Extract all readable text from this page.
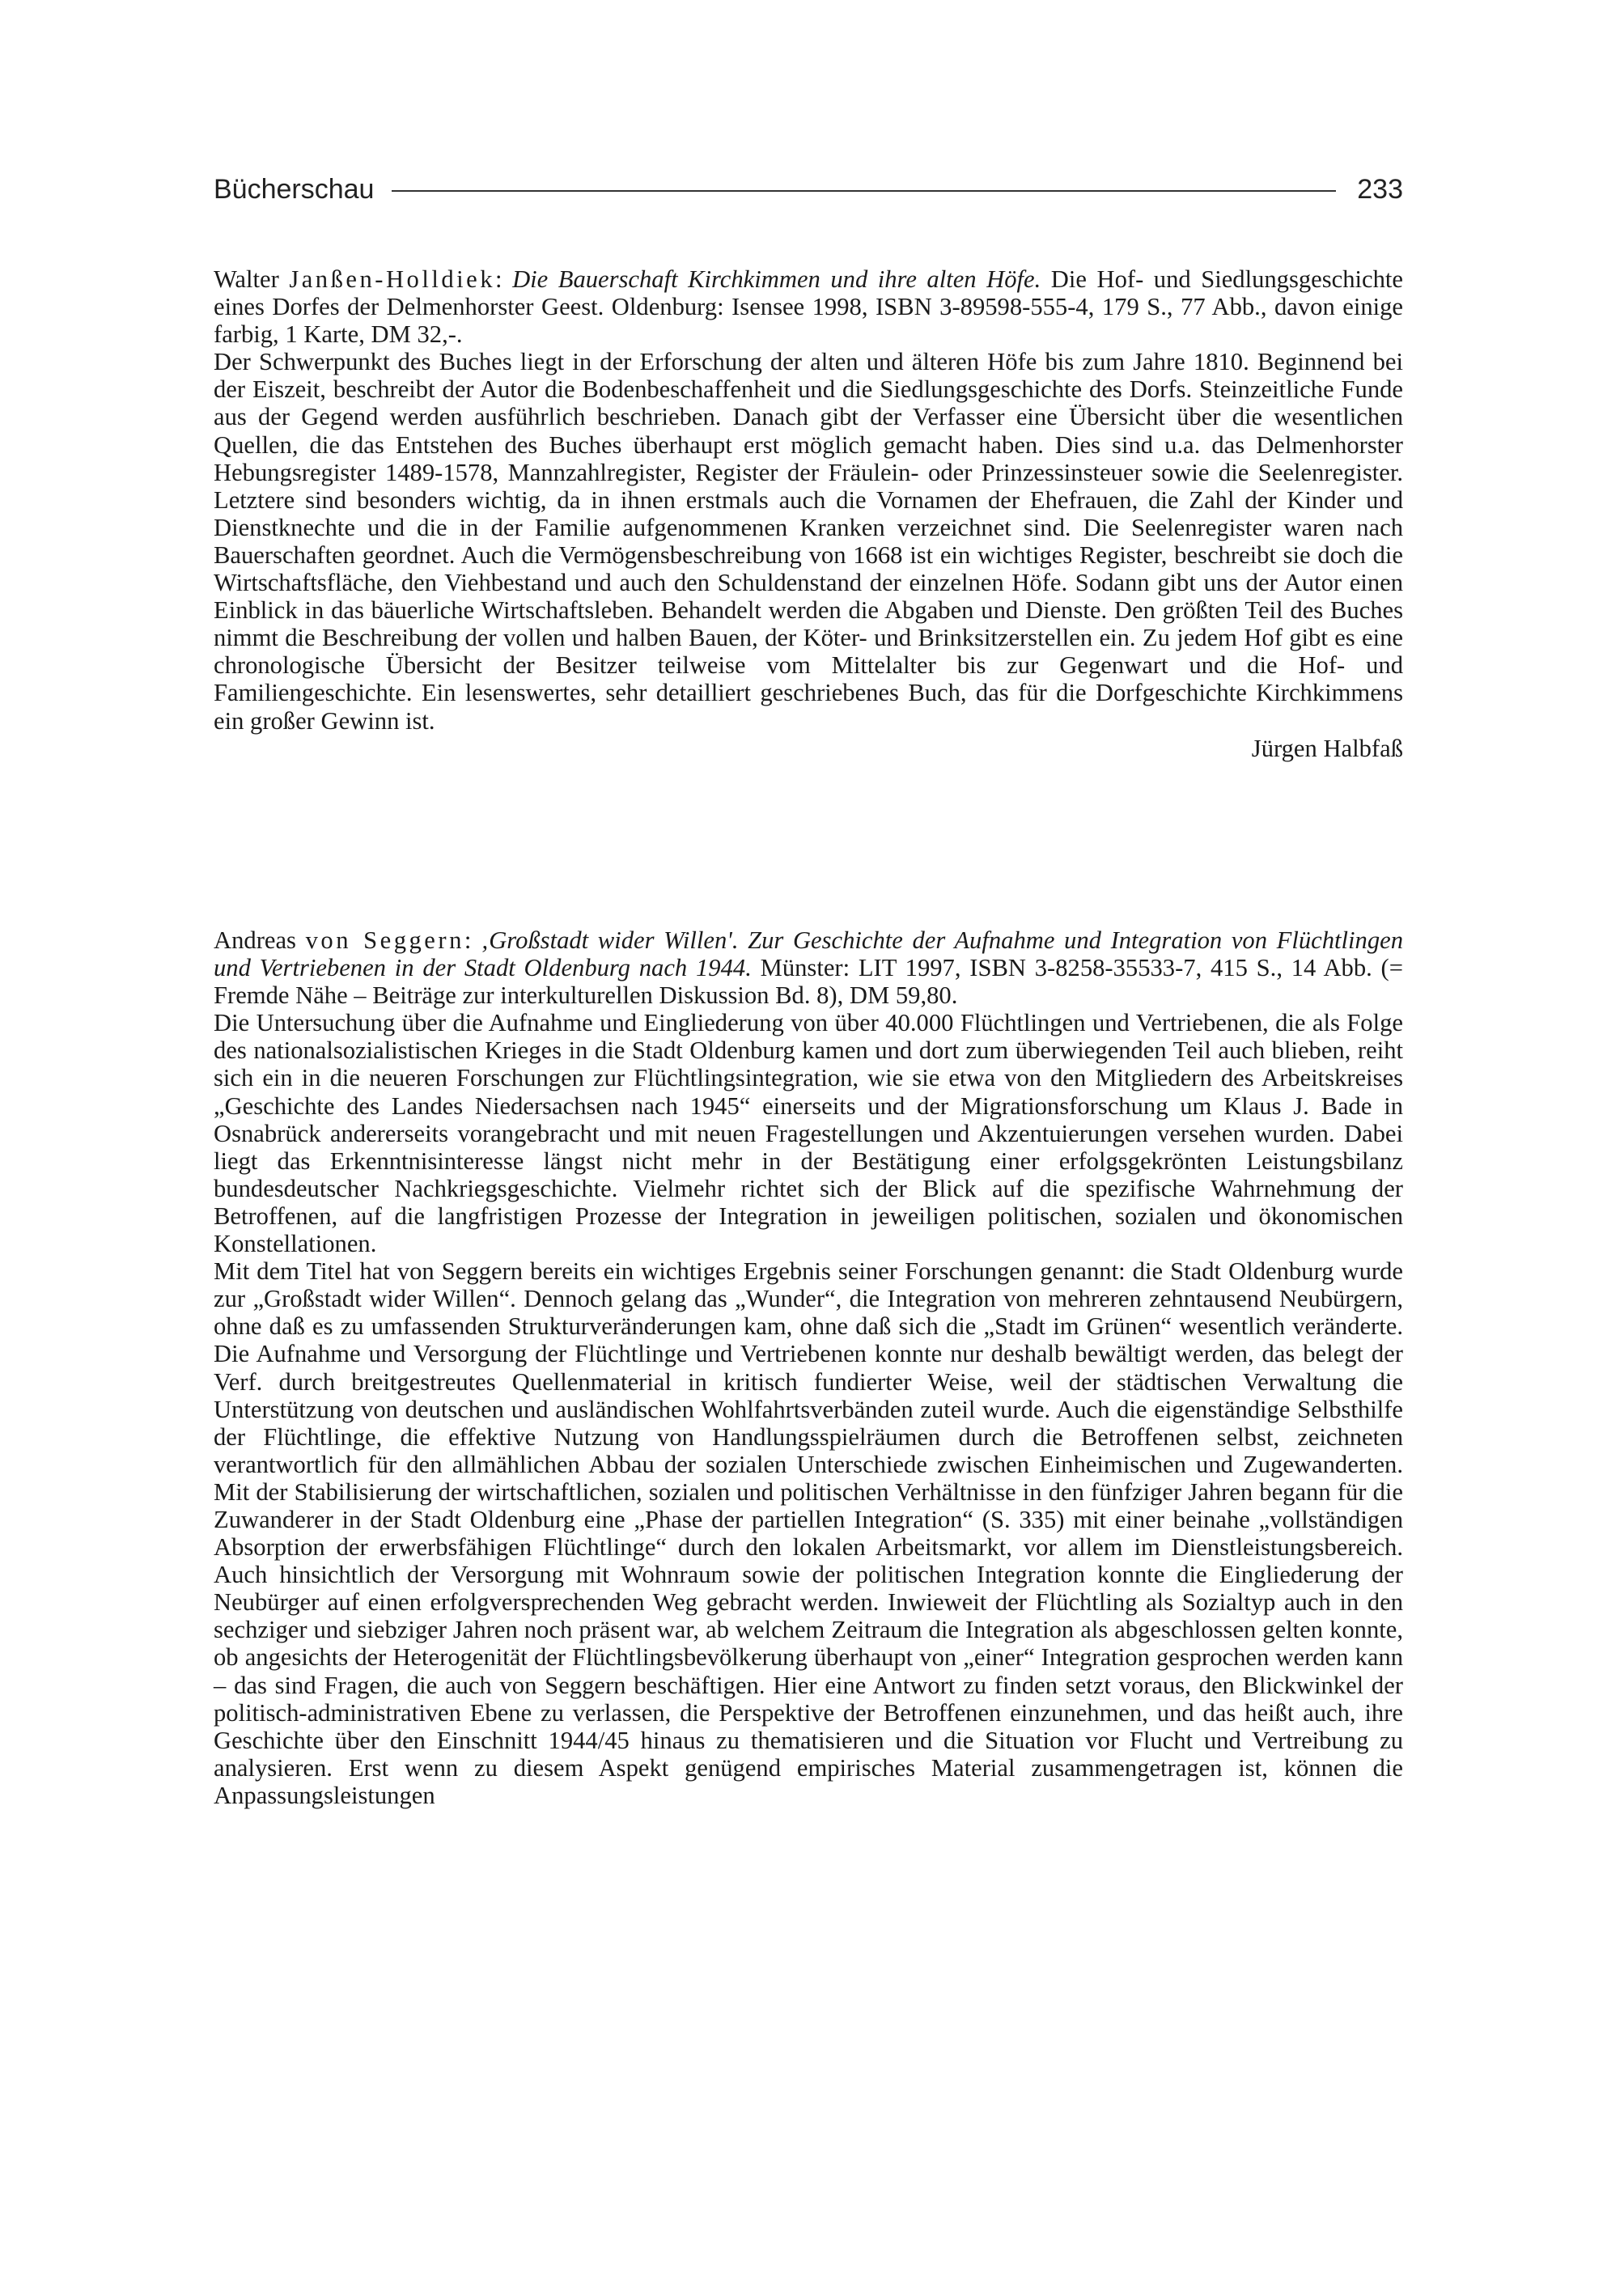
Bücherschau	233

Walter Janßen-Holldiek: Die Bauerschaft Kirchkimmen und ihre alten Höfe. Die Hof- und Siedlungsgeschichte eines Dorfes der Delmenhorster Geest. Oldenburg: Isensee 1998, ISBN 3-89598-555-4, 179 S., 77 Abb., davon einige farbig, 1 Karte, DM 32,-.

Der Schwerpunkt des Buches liegt in der Erforschung der alten und älteren Höfe bis zum Jahre 1810. Beginnend bei der Eiszeit, beschreibt der Autor die Bodenbeschaffenheit und die Siedlungsgeschichte des Dorfs. Steinzeitliche Funde aus der Gegend werden ausführlich beschrieben. Danach gibt der Verfasser eine Übersicht über die wesentlichen Quellen, die das Entstehen des Buches überhaupt erst möglich gemacht haben. Dies sind u.a. das Delmenhorster Hebungsregister 1489-1578, Mannzahlregister, Register der Fräulein- oder Prinzessinsteuer sowie die Seelenregister. Letztere sind besonders wichtig, da in ihnen erstmals auch die Vornamen der Ehefrauen, die Zahl der Kinder und Dienstknechte und die in der Familie aufgenommenen Kranken verzeichnet sind. Die Seelenregister waren nach Bauerschaften geordnet. Auch die Vermögensbeschreibung von 1668 ist ein wichtiges Register, beschreibt sie doch die Wirtschaftsfläche, den Viehbestand und auch den Schuldenstand der einzelnen Höfe. Sodann gibt uns der Autor einen Einblick in das bäuerliche Wirtschaftsleben. Behandelt werden die Abgaben und Dienste. Den größten Teil des Buches nimmt die Beschreibung der vollen und halben Bauen, der Köter- und Brinksitzerstellen ein. Zu jedem Hof gibt es eine chronologische Übersicht der Besitzer teilweise vom Mittelalter bis zur Gegenwart und die Hof- und Familiengeschichte. Ein lesenswertes, sehr detailliert geschriebenes Buch, das für die Dorfgeschichte Kirchkimmens ein großer Gewinn ist.

Jürgen Halbfaß

Andreas von Seggern: ‚Großstadt wider Willen'. Zur Geschichte der Aufnahme und Integration von Flüchtlingen und Vertriebenen in der Stadt Oldenburg nach 1944. Münster: LIT 1997, ISBN 3-8258-35533-7, 415 S., 14 Abb. (= Fremde Nähe – Beiträge zur interkulturellen Diskussion Bd. 8), DM 59,80.

Die Untersuchung über die Aufnahme und Eingliederung von über 40.000 Flüchtlingen und Vertriebenen, die als Folge des nationalsozialistischen Krieges in die Stadt Oldenburg kamen und dort zum überwiegenden Teil auch blieben, reiht sich ein in die neueren Forschungen zur Flüchtlingsintegration, wie sie etwa von den Mitgliedern des Arbeitskreises „Geschichte des Landes Niedersachsen nach 1945“ einerseits und der Migrationsforschung um Klaus J. Bade in Osnabrück andererseits vorangebracht und mit neuen Fragestellungen und Akzentuierungen versehen wurden. Dabei liegt das Erkenntnisinteresse längst nicht mehr in der Bestätigung einer erfolgsgekrönten Leistungsbilanz bundesdeutscher Nachkriegsgeschichte. Vielmehr richtet sich der Blick auf die spezifische Wahrnehmung der Betroffenen, auf die langfristigen Prozesse der Integration in jeweiligen politischen, sozialen und ökonomischen Konstellationen.

Mit dem Titel hat von Seggern bereits ein wichtiges Ergebnis seiner Forschungen genannt: die Stadt Oldenburg wurde zur „Großstadt wider Willen“. Dennoch gelang das „Wunder“, die Integration von mehreren zehntausend Neubürgern, ohne daß es zu umfassenden Strukturveränderungen kam, ohne daß sich die „Stadt im Grünen“ wesentlich veränderte. Die Aufnahme und Versorgung der Flüchtlinge und Vertriebenen konnte nur deshalb bewältigt werden, das belegt der Verf. durch breitgestreutes Quellenmaterial in kritisch fundierter Weise, weil der städtischen Verwaltung die Unterstützung von deutschen und ausländischen Wohlfahrtsverbänden zuteil wurde. Auch die eigenständige Selbsthilfe der Flüchtlinge, die effektive Nutzung von Handlungsspielräumen durch die Betroffenen selbst, zeichneten verantwortlich für den allmählichen Abbau der sozialen Unterschiede zwischen Einheimischen und Zugewanderten. Mit der Stabilisierung der wirtschaftlichen, sozialen und politischen Verhältnisse in den fünfziger Jahren begann für die Zuwanderer in der Stadt Oldenburg eine „Phase der partiellen Integration“ (S. 335) mit einer beinahe „vollständigen Absorption der erwerbsfähigen Flüchtlinge“ durch den lokalen Arbeitsmarkt, vor allem im Dienstleistungsbereich. Auch hinsichtlich der Versorgung mit Wohnraum sowie der politischen Integration konnte die Eingliederung der Neubürger auf einen erfolgversprechenden Weg gebracht werden. Inwieweit der Flüchtling als Sozialtyp auch in den sechziger und siebziger Jahren noch präsent war, ab welchem Zeitraum die Integration als abgeschlossen gelten konnte, ob angesichts der Heterogenität der Flüchtlingsbevölkerung überhaupt von „einer“ Integration gesprochen werden kann – das sind Fragen, die auch von Seggern beschäftigen. Hier eine Antwort zu finden setzt voraus, den Blickwinkel der politisch-administrativen Ebene zu verlassen, die Perspektive der Betroffenen einzunehmen, und das heißt auch, ihre Geschichte über den Einschnitt 1944/45 hinaus zu thematisieren und die Situation vor Flucht und Vertreibung zu analysieren. Erst wenn zu diesem Aspekt genügend empirisches Material zusammengetragen ist, können die Anpassungsleistungen
